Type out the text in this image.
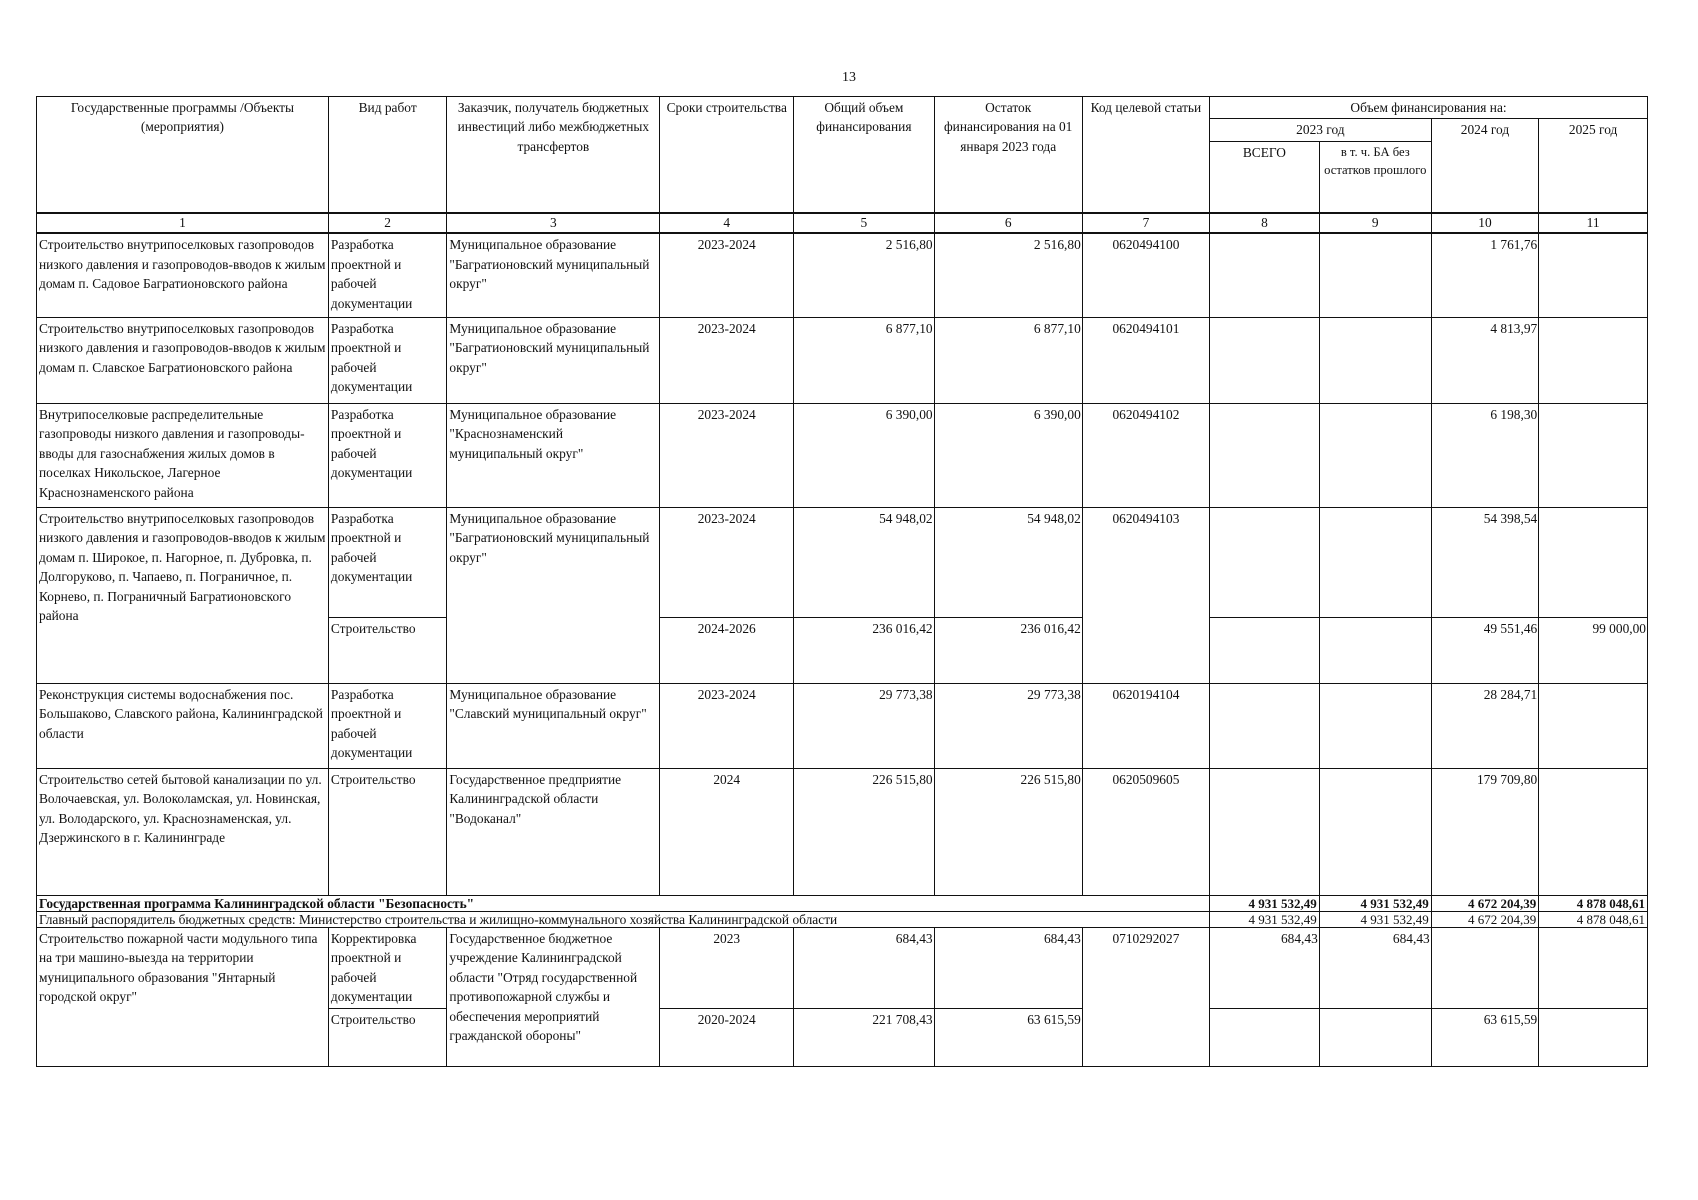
13
Государственные программы /Объекты (мероприятия)	Вид работ	Заказчик, получатель бюджетных инвестиций либо межбюджетных трансфертов	Сроки строительства	Общий объем финансирования	Остаток финансирования на 01 января 2023 года	Код целевой статьи	Объем финансирования на:			
							2023 год		2024 год	2025 год
							ВСЕГО	в т. ч. БА без остатков прошлого		
1	2	3	4	5	6	7	8	9	10	11
Строительство внутрипоселковых газопроводов низкого давления и газопроводов-вводов к жилым домам п. Садовое Багратионовского района	Разработка проектной и рабочей документации	Муниципальное образование "Багратионовский муниципальный округ"	2023-2024	2 516,80	2 516,80	0620494100			1 761,76	
Строительство внутрипоселковых газопроводов низкого давления и газопроводов-вводов к жилым домам п. Славское Багратионовского района	Разработка проектной и рабочей документации	Муниципальное образование "Багратионовский муниципальный округ"	2023-2024	6 877,10	6 877,10	0620494101			4 813,97	
Внутрипоселковые распределительные газопроводы низкого давления и газопроводы-вводы для газоснабжения жилых домов в поселках Никольское, Лагерное Краснознаменского района	Разработка проектной и рабочей документации	Муниципальное образование "Краснознаменский муниципальный округ"	2023-2024	6 390,00	6 390,00	0620494102			6 198,30	
Строительство внутрипоселковых газопроводов низкого давления и газопроводов-вводов к жилым домам п. Широкое, п. Нагорное, п. Дубровка, п. Долгоруково, п. Чапаево, п. Пограничное, п. Корнево, п. Пограничный Багратионовского района	Разработка проектной и рабочей документации	Муниципальное образование "Багратионовский муниципальный округ"	2023-2024	54 948,02	54 948,02	0620494103			54 398,54	
	Строительство		2024-2026	236 016,42	236 016,42				49 551,46	99 000,00
Реконструкция системы водоснабжения пос. Большаково, Славского района, Калининградской области	Разработка проектной и рабочей документации	Муниципальное образование "Славский муниципальный округ"	2023-2024	29 773,38	29 773,38	0620194104			28 284,71	
Строительство сетей бытовой канализации по ул. Волочаевская, ул. Волоколамская, ул. Новинская, ул. Володарского, ул. Краснознаменская, ул. Дзержинского в г. Калининграде	Строительство	Государственное предприятие Калининградской области "Водоканал"	2024	226 515,80	226 515,80	0620509605			179 709,80	
Государственная программа Калининградской области "Безопасность"							4 931 532,49	4 931 532,49	4 672 204,39	4 878 048,61
Главный распорядитель бюджетных средств: Министерство строительства и жилищно-коммунального хозяйства Калининградской области							4 931 532,49	4 931 532,49	4 672 204,39	4 878 048,61
Строительство пожарной части модульного типа на три машино-выезда на территории муниципального образования "Янтарный городской округ"	Корректировка проектной и рабочей документации	Государственное бюджетное учреждение Калининградской области "Отряд государственной противопожарной службы и обеспечения мероприятий гражданской обороны"	2023	684,43	684,43	0710292027	684,43	684,43		
	Строительство		2020-2024	221 708,43	63 615,59				63 615,59	
